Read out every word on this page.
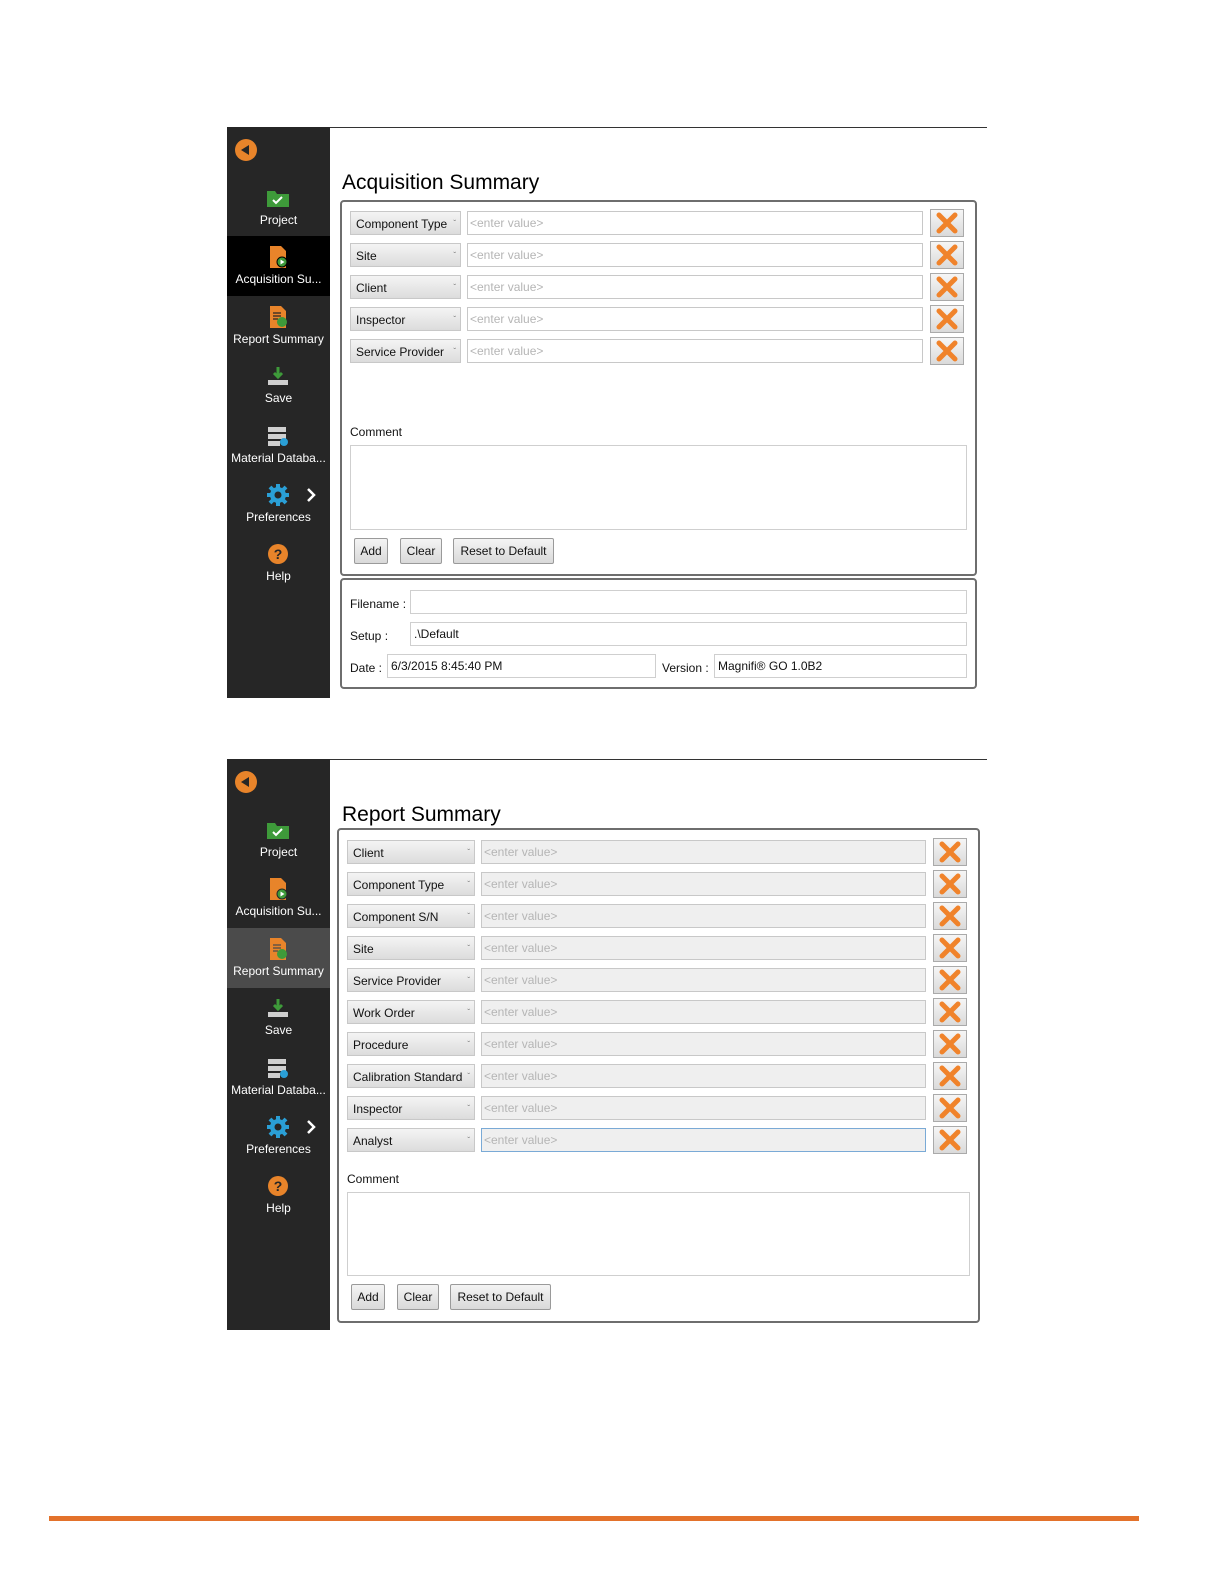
Project
Acquisition Su...
Report Summary
Save
Material Databa...
Preferences
?
Help
Acquisition Summary
Component Type ˇ
<enter value>
Site	ˇ
<enter value>
Client	ˇ
<enter value>
Inspector	ˇ
<enter value>
Service Provider ˇ
<enter value>
Comment
Add	Clear	Reset to Default
Filename :
Setup :	.\Default
Date : 6/3/2015 8:45:40 PM	Version : Magnifi® GO 1.0B2
Project
Acquisition Su...
Report Summary
Save
Material Databa...
Preferences
?
Help
Report Summary
Client	ˇ
<enter value>
Component Type	ˇ
<enter value>
Component S/N	ˇ
<enter value>
Site	ˇ
<enter value>
Service Provider	ˇ
<enter value>
Work Order	ˇ
<enter value>
Procedure	ˇ
<enter value>
Calibration Standard ˇ
<enter value>
Inspector	ˇ
<enter value>
Analyst	ˇ
<enter value>
Comment
Add	Clear	Reset to Default
